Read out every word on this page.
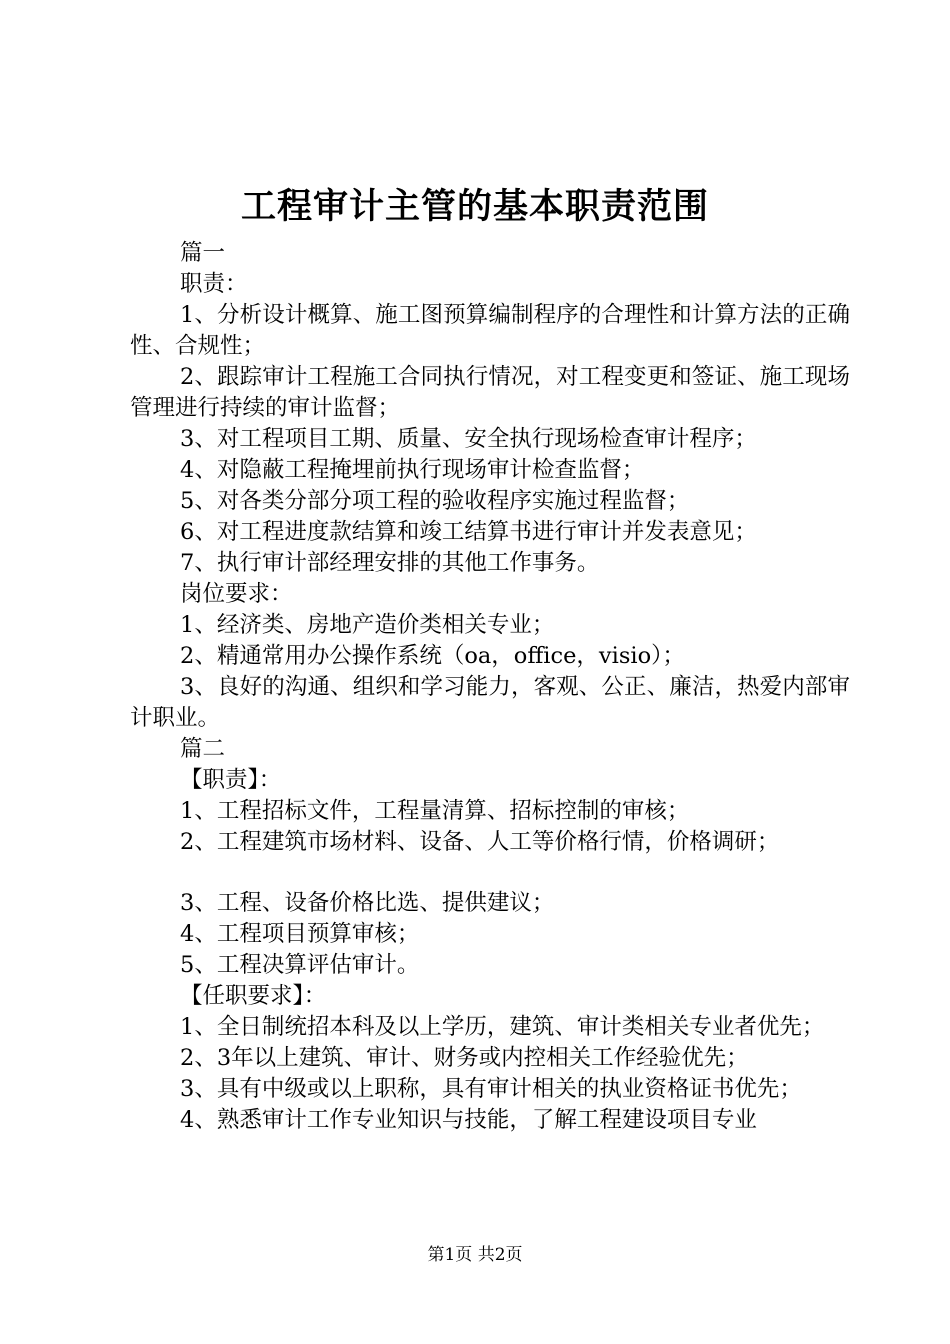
工程审计主管的基本职责范围

篇一

职责：

1、分析设计概算、施工图预算编制程序的合理性和计算方法的正确性、合规性；

2、跟踪审计工程施工合同执行情况，对工程变更和签证、施工现场管理进行持续的审计监督；

3、对工程项目工期、质量、安全执行现场检查审计程序；

4、对隐蔽工程掩埋前执行现场审计检查监督；

5、对各类分部分项工程的验收程序实施过程监督；

6、对工程进度款结算和竣工结算书进行审计并发表意见；

7、执行审计部经理安排的其他工作事务。

岗位要求：

1、经济类、房地产造价类相关专业；

2、精通常用办公操作系统（oa，office，visio）；

3、良好的沟通、组织和学习能力，客观、公正、廉洁，热爱内部审计职业。

篇二

【职责】：

1、工程招标文件，工程量清算、招标控制的审核；

2、工程建筑市场材料、设备、人工等价格行情，价格调研；

3、工程、设备价格比选、提供建议；

4、工程项目预算审核；

5、工程决算评估审计。

【任职要求】：

1、全日制统招本科及以上学历，建筑、审计类相关专业者优先；

2、3年以上建筑、审计、财务或内控相关工作经验优先；

3、具有中级或以上职称，具有审计相关的执业资格证书优先；

4、熟悉审计工作专业知识与技能，了解工程建设项目专业

第1页 共2页
